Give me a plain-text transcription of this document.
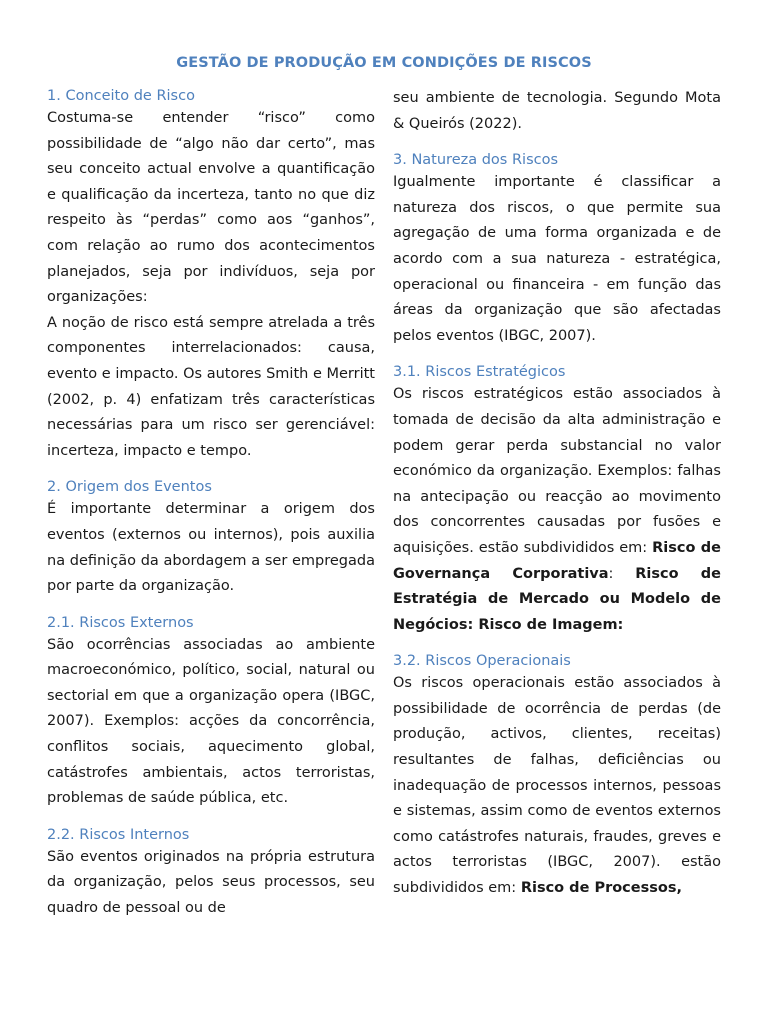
GESTÃO DE PRODUÇÃO EM CONDIÇÕES DE RISCOS
1. Conceito de Risco

Costuma-se entender “risco” como possibilidade de “algo não dar certo”, mas seu conceito actual envolve a quantificação e qualificação da incerteza, tanto no que diz respeito às “perdas” como aos “ganhos”, com relação ao rumo dos acontecimentos planejados, seja por indivíduos, seja por organizações:

A noção de risco está sempre atrelada a três componentes interrelacionados: causa, evento e impacto. Os autores Smith e Merritt (2002, p. 4) enfatizam três características necessárias para um risco ser gerenciável: incerteza, impacto e tempo.

2. Origem dos Eventos

É importante determinar a origem dos eventos (externos ou internos), pois auxilia na definição da abordagem a ser empregada por parte da organização.

2.1. Riscos Externos

São ocorrências associadas ao ambiente macroeconómico, político, social, natural ou sectorial em que a organização opera (IBGC, 2007). Exemplos: acções da concorrência, conflitos sociais, aquecimento global, catástrofes ambientais, actos terroristas, problemas de saúde pública, etc.

2.2. Riscos Internos

São eventos originados na própria estrutura da organização, pelos seus processos, seu quadro de pessoal ou de

seu ambiente de tecnologia. Segundo Mota & Queirós (2022).

3. Natureza dos Riscos

Igualmente importante é classificar a natureza dos riscos, o que permite sua agregação de uma forma organizada e de acordo com a sua natureza - estratégica, operacional ou financeira - em função das áreas da organização que são afectadas pelos eventos (IBGC, 2007).

3.1. Riscos Estratégicos

Os riscos estratégicos estão associados à tomada de decisão da alta administração e podem gerar perda substancial no valor económico da organização. Exemplos: falhas na antecipação ou reacção ao movimento dos concorrentes causadas por fusões e aquisições. estão subdivididos em: Risco de Governança Corporativa: Risco de Estratégia de Mercado ou Modelo de Negócios: Risco de Imagem:

3.2. Riscos Operacionais

Os riscos operacionais estão associados à possibilidade de ocorrência de perdas (de produção, activos, clientes, receitas) resultantes de falhas, deficiências ou inadequação de processos internos, pessoas e sistemas, assim como de eventos externos como catástrofes naturais, fraudes, greves e actos terroristas (IBGC, 2007). estão subdivididos em: Risco de Processos,
